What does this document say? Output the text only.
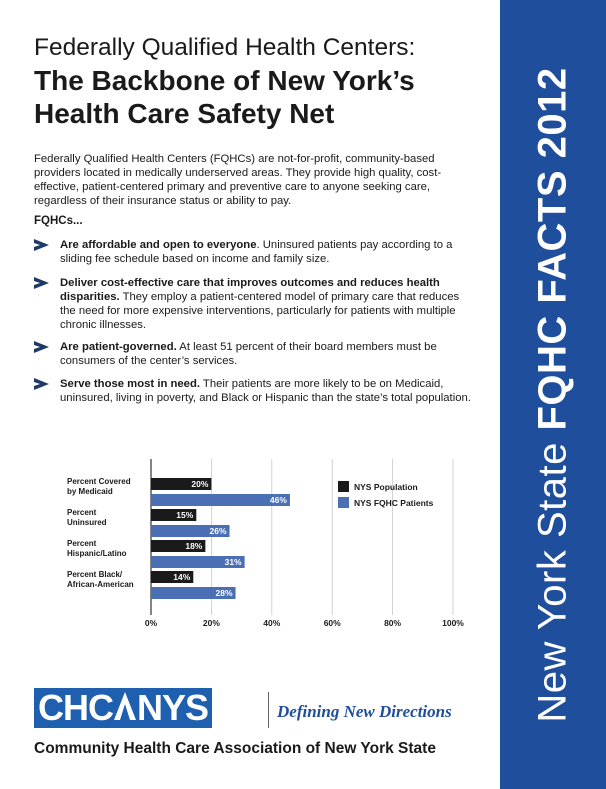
New York State FQHC FACTS 2012
Federally Qualified Health Centers:
The Backbone of New York’s
Health Care Safety Net
Federally Qualified Health Centers (FQHCs) are not-for-profit, community-based providers located in medically underserved areas. They provide high quality, cost-effective, patient-centered primary and preventive care to anyone seeking care, regardless of their insurance status or ability to pay.
FQHCs...
Are affordable and open to everyone. Uninsured patients pay according to a sliding fee schedule based on income and family size.
Deliver cost-effective care that improves outcomes and reduces health disparities. They employ a patient-centered model of primary care that reduces the need for more expensive interventions, particularly for patients with multiple chronic illnesses.
Are patient-governed. At least 51 percent of their board members must be consumers of the center’s services.
Serve those most in need. Their patients are more likely to be on Medicaid, uninsured, living in poverty, and Black or Hispanic than the state’s total population.
0%	20%	40%	60%	80%	100%
Percent Covered
by Medicaid
20%
46%
Percent
Uninsured
15%
26%
Percent
Hispanic/Latino
18%
31%
Percent Black/
African-American
14%
28%
NYS Population
NYS FQHC Patients
CHC NYS	Defining New Directions
Community Health Care Association of New York State
